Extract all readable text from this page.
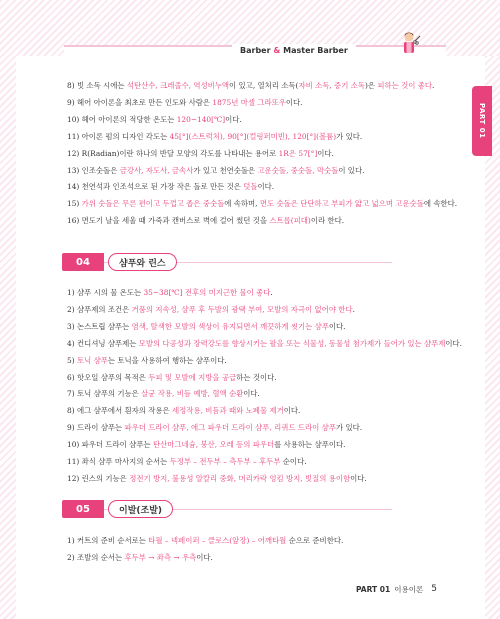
Barber & Master Barber
PART 01
8) 빗 소독 시에는 석탄산수, 크레졸수, 역성비누액이 있고, 열처리 소독(자비 소독, 증기 소독)은 피하는 것이 좋다.
9) 헤어 아이론을 최초로 만든 인도와 사람은 1875년 마셀 그라또우이다.
10) 헤어 아이론의 적당한 온도는 120~140[℃]이다.
11) 아이론 펌의 디자인 각도는 45[°](스트럭처), 90[°](컬링퍼미빈), 120[°](볼륨)가 있다.
12) R(Radian)이란 하나의 반달 모양의 각도를 나타내는 용어로 1R은 57[°]이다.
13) 인조숫돌은 금강사, 자도사, 금속사가 있고 천연숫돌은 고운숫돌, 중숫돌, 막숫돌이 있다.
14) 천연석과 인조석으로 된 가장 작은 돌로 만든 것은 덧돌이다.
15) 가위 숫돌은 무른 편이고 두껍고 좁은 중숫돌에 속하며, 면도 숫돌은 단단하고 부피가 얇고 넓으며 고운숫돌에 속한다.
16) 면도기 날을 세울 때 가죽과 캔버스로 벽에 걸어 썼던 것을 스트롭(피대)이라 한다.
04	샴푸와 린스
1) 샴푸 시의 물 온도는 35~38[℃] 전후의 미지근한 물이 좋다.
2) 샴푸제의 조건은 거품의 지속성, 샴푸 후 두발의 광택 부여, 모발의 자극이 없어야 한다.
3) 논스트립 샴푸는 염색, 탈색한 모발의 색상이 유지되면서 깨끗하게 씻기는 샴푸이다.
4) 컨디셔닝 샴푸제는 모발의 다공성과 장력강도를 향상시키는 팔을 또는 식물성, 동물성 첨가제가 들어가 있는 샴푸제이다.
5) 토닉 샴푸는 토닉을 사용하여 행하는 샴푸이다.
6) 핫오일 샴푸의 목적은 두피 및 모발에 지방을 공급하는 것이다.
7) 토닉 샴푸의 기능은 살균 작용, 비듬 예방, 혈액 순환이다.
8) 에그 샴푸에서 흰자의 작용은 세정작용, 비듬과 때와 노폐물 제거이다.
9) 드라이 샴푸는 파우더 드라이 샴푸, 에그 파우더 드라이 샴푸, 리퀴드 드라이 샴푸가 있다.
10) 파우더 드라이 샴푸는 탄산마그네슘, 붕산, 오레 등의 파우더를 사용하는 샴푸이다.
11) 좌식 샴푸 마사지의 순서는 두정부 – 전두부 – 측두부 – 후두부 순이다.
12) 린스의 기능은 정전기 방지, 불용성 알칼리 중화, 머리카락 엉킴 방지, 빗질의 용이함이다.
05	이발(조발)
1) 커트의 준비 순서로는 타월 – 넥페이퍼 – 클로스(앞장) – 어깨타월 순으로 준비한다.
2) 조발의 순서는 후두부 → 좌측 → 우측이다.
PART 01 이용이론 5
